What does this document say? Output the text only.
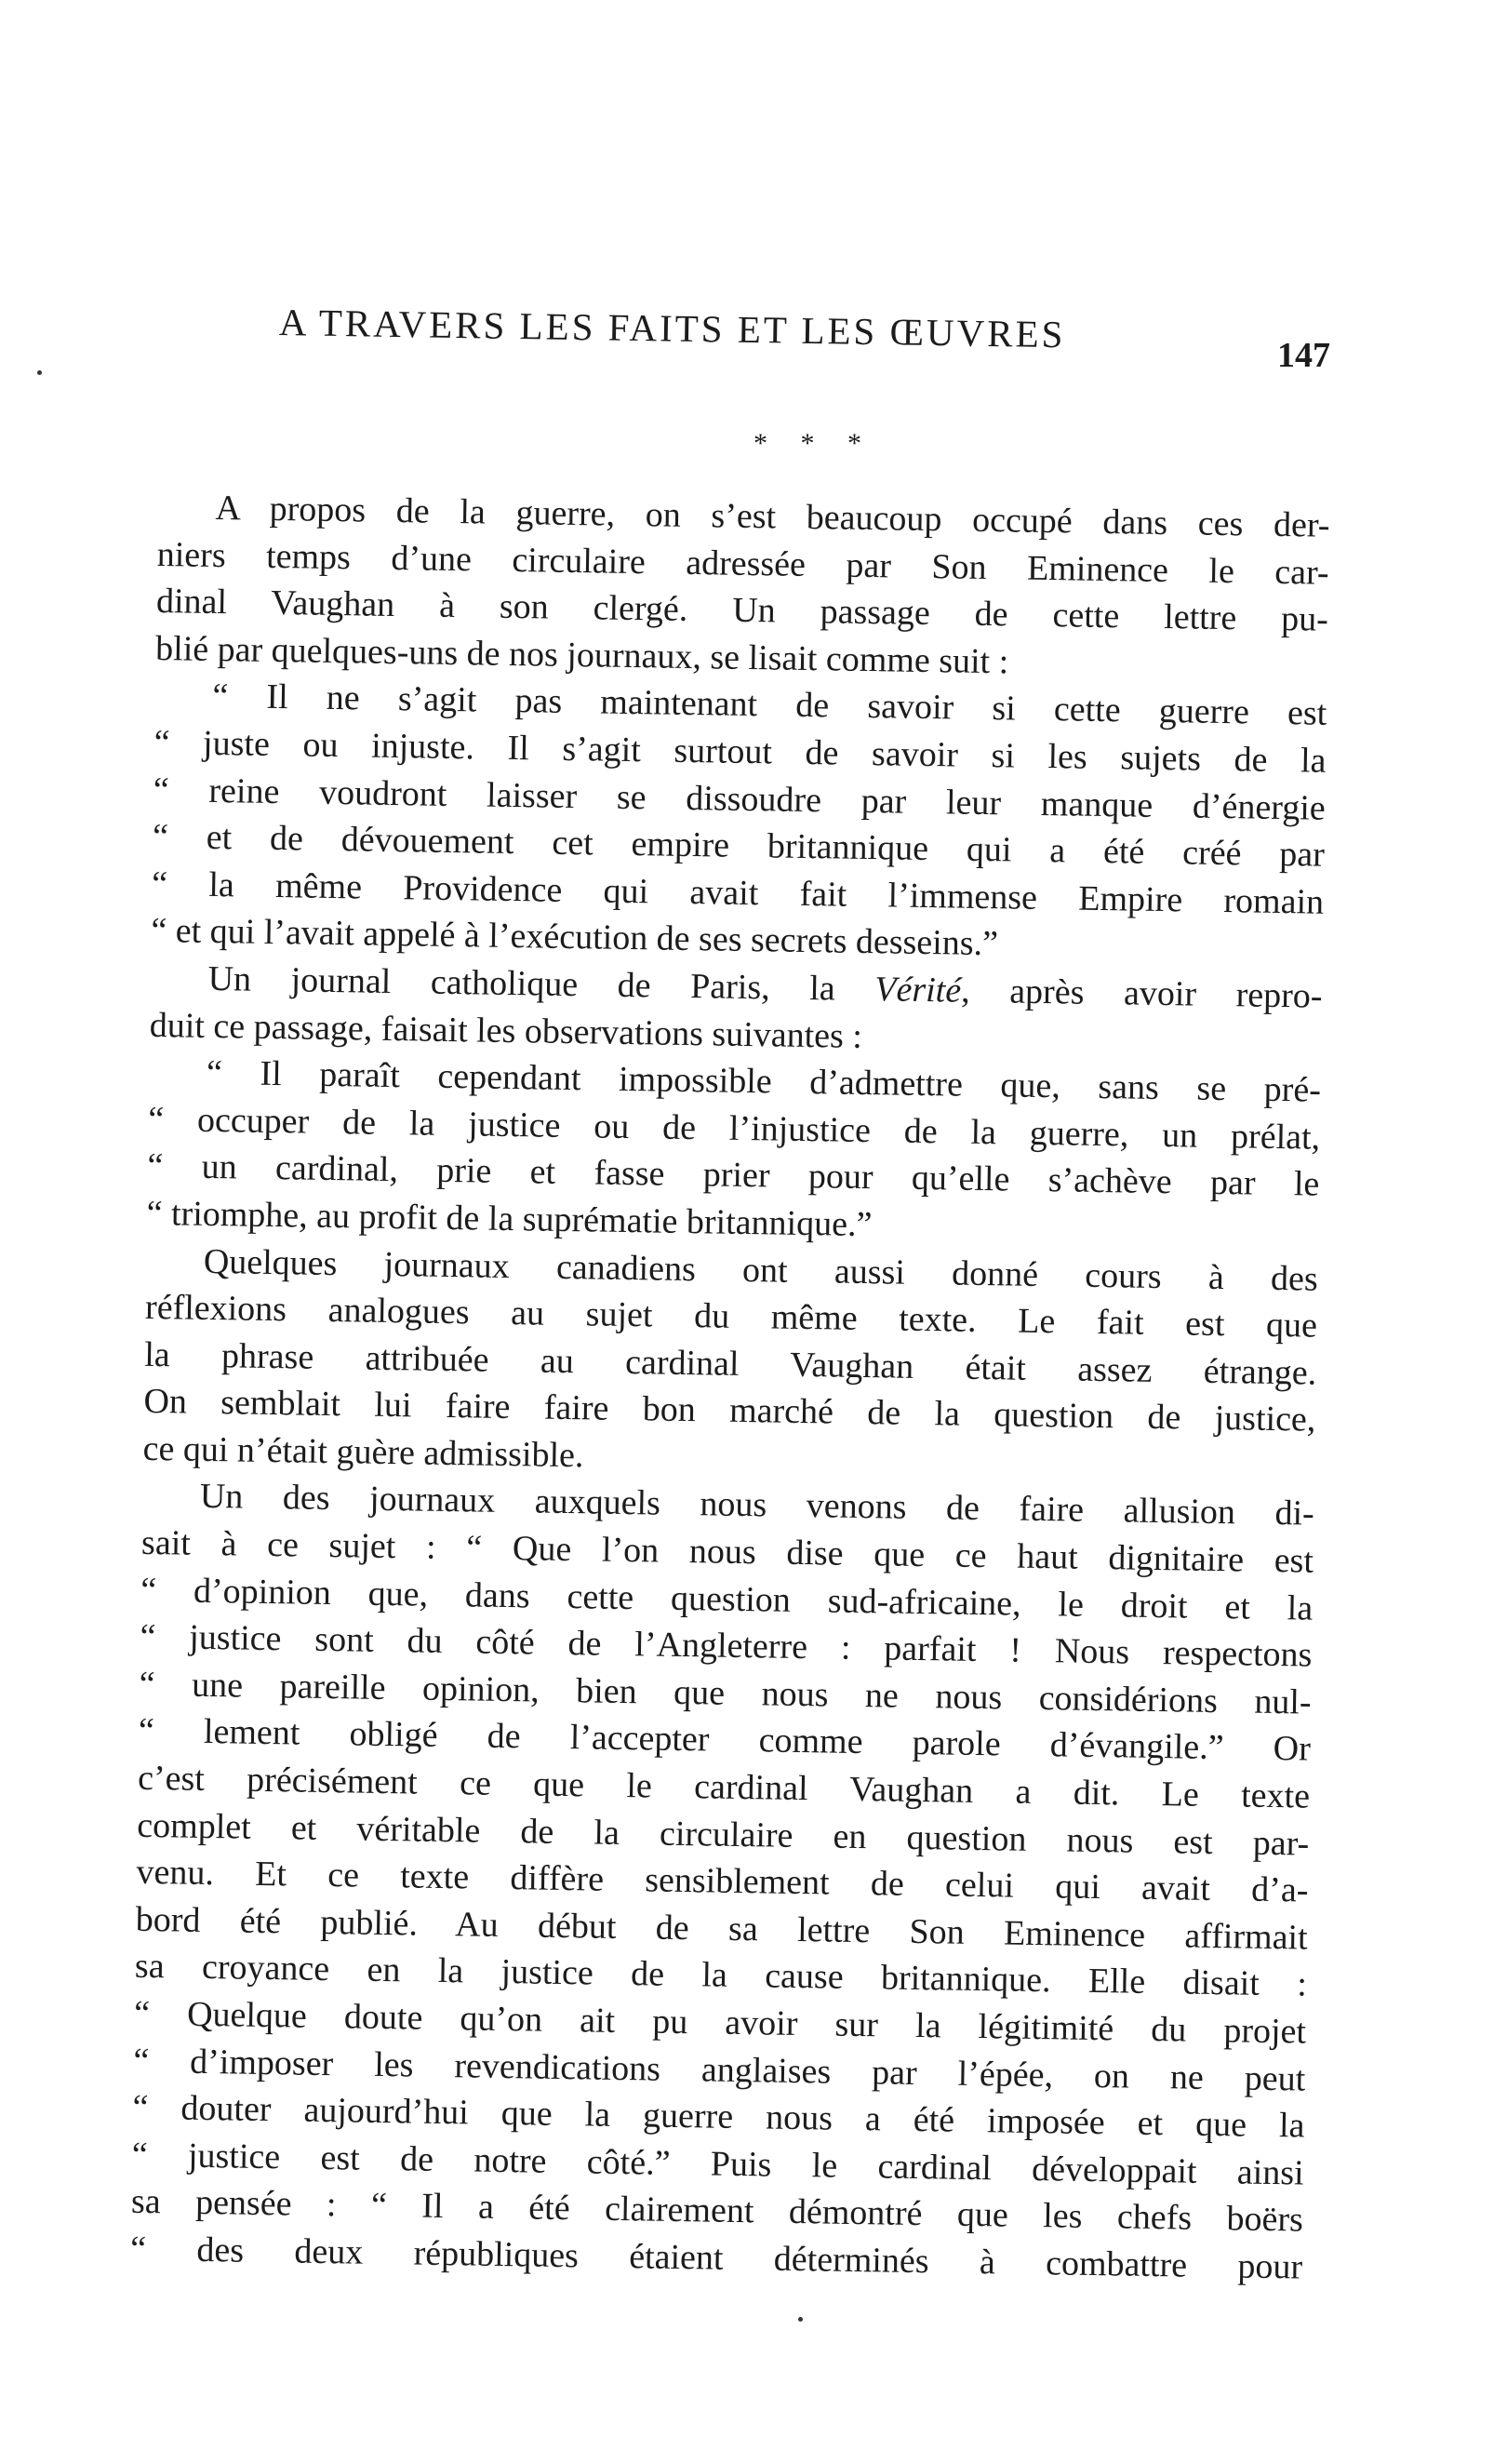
A TRAVERS LES FAITS ET LES ŒUVRES	147
* * *
A propos de la guerre, on s’est beaucoup occupé dans ces der-
niers temps d’une circulaire adressée par Son Eminence le car-
dinal Vaughan à son clergé. Un passage de cette lettre pu-
blié par quelques-uns de nos journaux, se lisait comme suit :
“ Il ne s’agit pas maintenant de savoir si cette guerre est
“ juste ou injuste. Il s’agit surtout de savoir si les sujets de la
“ reine voudront laisser se dissoudre par leur manque d’énergie
“ et de dévouement cet empire britannique qui a été créé par
“ la même Providence qui avait fait l’immense Empire romain
“ et qui l’avait appelé à l’exécution de ses secrets desseins.”
Un journal catholique de Paris, la Vérité, après avoir repro-
duit ce passage, faisait les observations suivantes :
“ Il paraît cependant impossible d’admettre que, sans se pré-
“ occuper de la justice ou de l’injustice de la guerre, un prélat,
“ un cardinal, prie et fasse prier pour qu’elle s’achève par le
“ triomphe, au profit de la suprématie britannique.”
Quelques journaux canadiens ont aussi donné cours à des
réflexions analogues au sujet du même texte. Le fait est que
la phrase attribuée au cardinal Vaughan était assez étrange.
On semblait lui faire faire bon marché de la question de justice,
ce qui n’était guère admissible.
Un des journaux auxquels nous venons de faire allusion di-
sait à ce sujet : “ Que l’on nous dise que ce haut dignitaire est
“ d’opinion que, dans cette question sud-africaine, le droit et la
“ justice sont du côté de l’Angleterre : parfait ! Nous respectons
“ une pareille opinion, bien que nous ne nous considérions nul-
“ lement obligé de l’accepter comme parole d’évangile.” Or
c’est précisément ce que le cardinal Vaughan a dit. Le texte
complet et véritable de la circulaire en question nous est par-
venu. Et ce texte diffère sensiblement de celui qui avait d’a-
bord été publié. Au début de sa lettre Son Eminence affirmait
sa croyance en la justice de la cause britannique. Elle disait :
“ Quelque doute qu’on ait pu avoir sur la légitimité du projet
“ d’imposer les revendications anglaises par l’épée, on ne peut
“ douter aujourd’hui que la guerre nous a été imposée et que la
“ justice est de notre côté.” Puis le cardinal développait ainsi
sa pensée : “ Il a été clairement démontré que les chefs boërs
“ des deux républiques étaient déterminés à combattre pour
